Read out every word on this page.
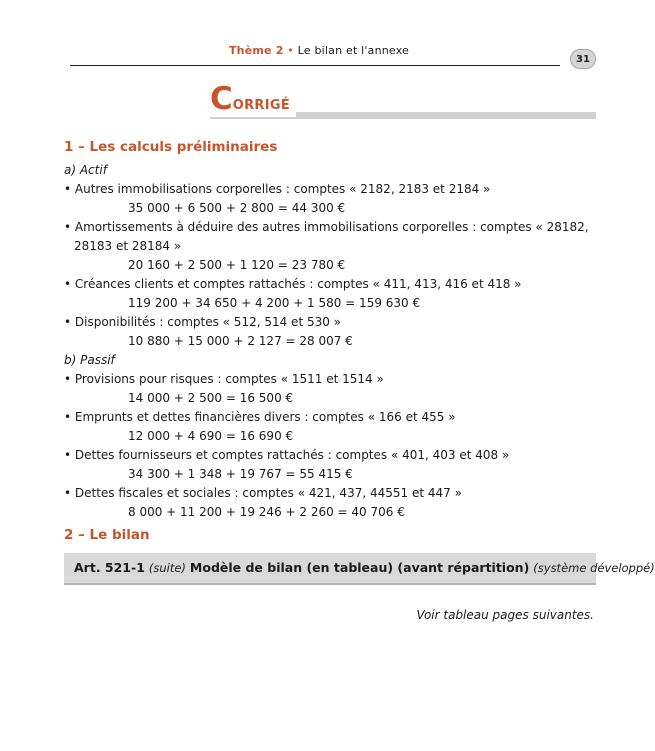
Thème 2 • Le bilan et l'annexe
31
CORRIGÉ
1 – Les calculs préliminaires
a) Actif
• Autres immobilisations corporelles : comptes « 2182, 2183 et 2184 »
35 000 + 6 500 + 2 800 = 44 300 €
• Amortissements à déduire des autres immobilisations corporelles : comptes « 28182,
28183 et 28184 »
20 160 + 2 500 + 1 120 = 23 780 €
• Créances clients et comptes rattachés : comptes « 411, 413, 416 et 418 »
119 200 + 34 650 + 4 200 + 1 580 = 159 630 €
• Disponibilités : comptes « 512, 514 et 530 »
10 880 + 15 000 + 2 127 = 28 007 €
b) Passif
• Provisions pour risques : comptes « 1511 et 1514 »
14 000 + 2 500 = 16 500 €
• Emprunts et dettes financières divers : comptes « 166 et 455 »
12 000 + 4 690 = 16 690 €
• Dettes fournisseurs et comptes rattachés : comptes « 401, 403 et 408 »
34 300 + 1 348 + 19 767 = 55 415 €
• Dettes fiscales et sociales : comptes « 421, 437, 44551 et 447 »
8 000 + 11 200 + 19 246 + 2 260 = 40 706 €
2 – Le bilan
Art. 521-1 (suite) Modèle de bilan (en tableau) (avant répartition) (système développé)
Voir tableau pages suivantes.
